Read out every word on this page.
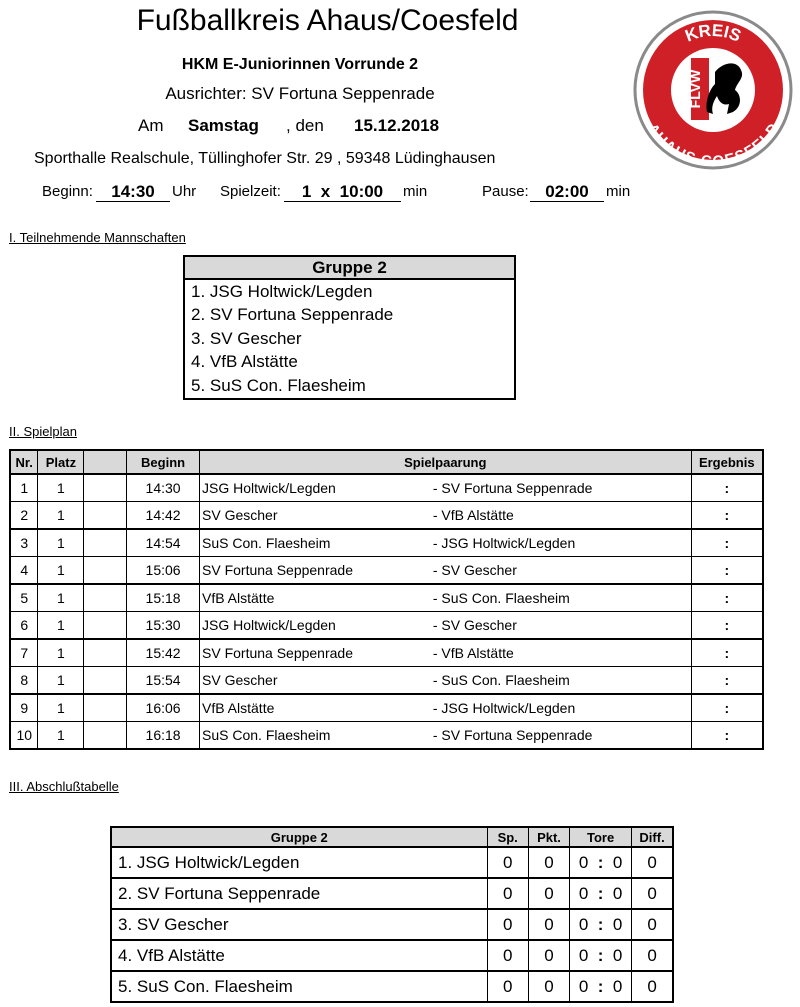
Fußballkreis Ahaus/Coesfeld
HKM E-Juniorinnen Vorrunde 2
Ausrichter: SV Fortuna Seppenrade
Am Samstag , den 15.12.2018
Sporthalle Realschule, Tüllinghofer Str. 29 , 59348 Lüdinghausen
Beginn:	14:30	Uhr Spielzeit:	1  x  10:00	min	Pause: 02:00	min
KREIS
AHAUS-COESFELD
FLVW
I. Teilnehmende Mannschaften
Gruppe 2
1. JSG Holtwick/Legden
2. SV Fortuna Seppenrade
3. SV Gescher
4. VfB Alstätte
5. SuS Con. Flaesheim
II. Spielplan
Nr.	Platz		Beginn	Spielpaarung		Ergebnis
1	1		14:30	JSG Holtwick/Legden	- SV Fortuna Seppenrade	:
2	1		14:42	SV Gescher	- VfB Alstätte	:
3	1		14:54	SuS Con. Flaesheim	- JSG Holtwick/Legden	:
4	1		15:06	SV Fortuna Seppenrade	- SV Gescher	:
5	1		15:18	VfB Alstätte	- SuS Con. Flaesheim	:
6	1		15:30	JSG Holtwick/Legden	- SV Gescher	:
7	1		15:42	SV Fortuna Seppenrade	- VfB Alstätte	:
8	1		15:54	SV Gescher	- SuS Con. Flaesheim	:
9	1		16:06	VfB Alstätte	- JSG Holtwick/Legden	:
10	1		16:18	SuS Con. Flaesheim	- SV Fortuna Seppenrade	:
III. Abschlußtabelle
Gruppe 2	Sp.	Pkt.	Tore			Diff.
1. JSG Holtwick/Legden	0	0	0	:	0	0
2. SV Fortuna Seppenrade	0	0	0	:	0	0
3. SV Gescher	0	0	0	:	0	0
4. VfB Alstätte	0	0	0	:	0	0
5. SuS Con. Flaesheim	0	0	0	:	0	0
